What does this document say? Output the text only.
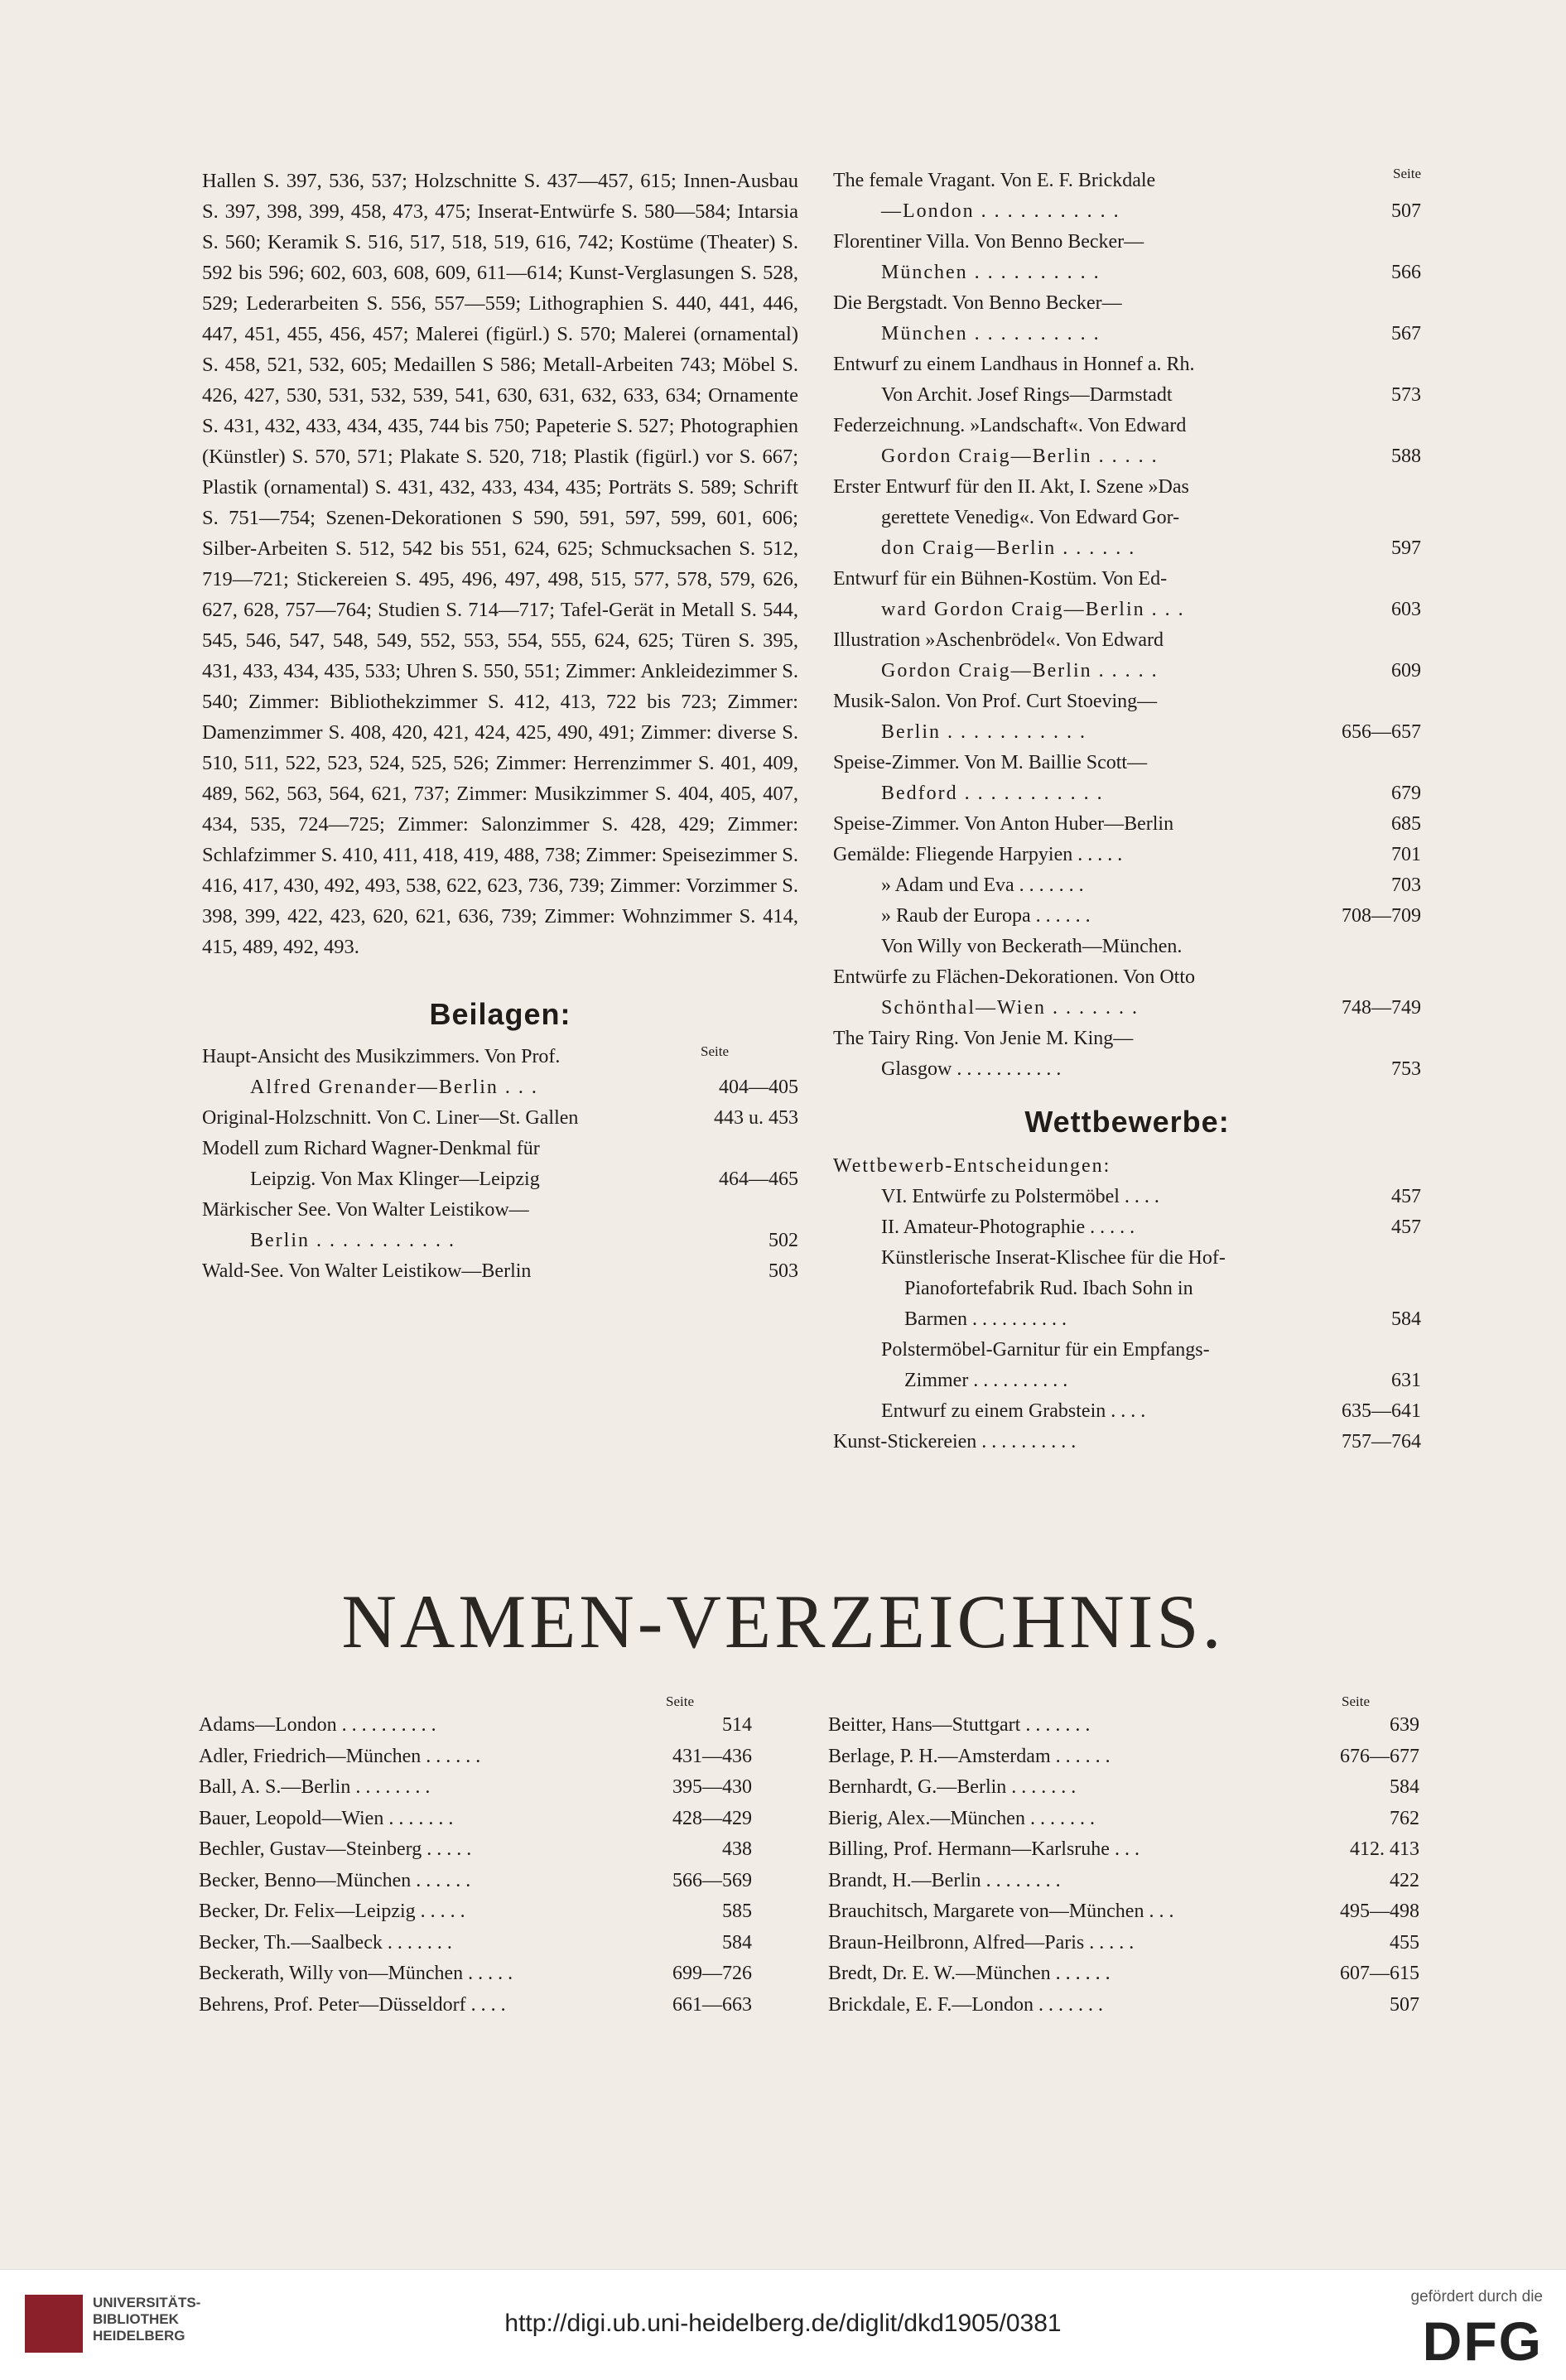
Hallen S. 397, 536, 537; Holzschnitte S. 437—457, 615; Innen-Ausbau S. 397, 398, 399, 458, 473, 475; Inserat-Entwürfe S. 580—584; Intarsia S. 560; Keramik S. 516, 517, 518, 519, 616, 742; Kostüme (Theater) S. 592 bis 596; 602, 603, 608, 609, 611—614; Kunst-Verglasungen S. 528, 529; Lederarbeiten S. 556, 557—559; Lithographien S. 440, 441, 446, 447, 451, 455, 456, 457; Malerei (figürl.) S. 570; Malerei (ornamental) S. 458, 521, 532, 605; Medaillen S 586; Metall-Arbeiten 743; Möbel S. 426, 427, 530, 531, 532, 539, 541, 630, 631, 632, 633, 634; Ornamente S. 431, 432, 433, 434, 435, 744 bis 750; Papeterie S. 527; Photographien (Künstler) S. 570, 571; Plakate S. 520, 718; Plastik (figürl.) vor S. 667; Plastik (ornamental) S. 431, 432, 433, 434, 435; Porträts S. 589; Schrift S. 751—754; Szenen-Dekorationen S 590, 591, 597, 599, 601, 606; Silber-Arbeiten S. 512, 542 bis 551, 624, 625; Schmucksachen S. 512, 719—721; Stickereien S. 495, 496, 497, 498, 515, 577, 578, 579, 626, 627, 628, 757—764; Studien S. 714—717; Tafel-Gerät in Metall S. 544, 545, 546, 547, 548, 549, 552, 553, 554, 555, 624, 625; Türen S. 395, 431, 433, 434, 435, 533; Uhren S. 550, 551; Zimmer: Ankleidezimmer S. 540; Zimmer: Bibliothekzimmer S. 412, 413, 722 bis 723; Zimmer: Damenzimmer S. 408, 420, 421, 424, 425, 490, 491; Zimmer: diverse S. 510, 511, 522, 523, 524, 525, 526; Zimmer: Herrenzimmer S. 401, 409, 489, 562, 563, 564, 621, 737; Zimmer: Musikzimmer S. 404, 405, 407, 434, 535, 724—725; Zimmer: Salonzimmer S. 428, 429; Zimmer: Schlafzimmer S. 410, 411, 418, 419, 488, 738; Zimmer: Speisezimmer S. 416, 417, 430, 492, 493, 538, 622, 623, 736, 739; Zimmer: Vorzimmer S. 398, 399, 422, 423, 620, 621, 636, 739; Zimmer: Wohnzimmer S. 414, 415, 489, 492, 493.

Beilagen:
Seite
Haupt-Ansicht des Musikzimmers. Von Prof.
Alfred Grenander—Berlin . . .	404—405
Original-Holzschnitt. Von C. Liner—St. Gallen	443 u. 453
Modell zum Richard Wagner-Denkmal für
Leipzig. Von Max Klinger—Leipzig	464—465
Märkischer See. Von Walter Leistikow—
Berlin . . . . . . . . . . .	502
Wald-See. Von Walter Leistikow—Berlin	503
Seite
The female Vragant. Von E. F. Brickdale
—London . . . . . . . . . . .	507
Florentiner Villa. Von Benno Becker—
München . . . . . . . . . .	566
Die Bergstadt. Von Benno Becker—
München . . . . . . . . . .	567
Entwurf zu einem Landhaus in Honnef a. Rh.
Von Archit. Josef Rings—Darmstadt	573
Federzeichnung. »Landschaft«. Von Edward
Gordon Craig—Berlin . . . . .	588
Erster Entwurf für den II. Akt, I. Szene »Das
gerettete Venedig«. Von Edward Gor-
don Craig—Berlin . . . . . .	597
Entwurf für ein Bühnen-Kostüm. Von Ed-
ward Gordon Craig—Berlin . . .	603
Illustration »Aschenbrödel«. Von Edward
Gordon Craig—Berlin . . . . .	609
Musik-Salon. Von Prof. Curt Stoeving—
Berlin . . . . . . . . . . .	656—657
Speise-Zimmer. Von M. Baillie Scott—
Bedford . . . . . . . . . . .	679
Speise-Zimmer. Von Anton Huber—Berlin	685
Gemälde: Fliegende Harpyien . . . . .	701
» Adam und Eva . . . . . . .	703
» Raub der Europa . . . . . .	708—709
Von Willy von Beckerath—München.
Entwürfe zu Flächen-Dekorationen. Von Otto
Schönthal—Wien . . . . . . .	748—749
The Tairy Ring. Von Jenie M. King—
Glasgow . . . . . . . . . . .	753
Wettbewerbe:
Wettbewerb-Entscheidungen:
VI. Entwürfe zu Polstermöbel . . . .	457
II. Amateur-Photographie . . . . .	457
Künstlerische Inserat-Klischee für die Hof-
Pianofortefabrik Rud. Ibach Sohn in
Barmen . . . . . . . . . .	584
Polstermöbel-Garnitur für ein Empfangs-
Zimmer . . . . . . . . . .	631
Entwurf zu einem Grabstein . . . .	635—641
Kunst-Stickereien . . . . . . . . . .	757—764
NAMEN-VERZEICHNIS.
Seite
Adams—London . . . . . . . . . .	514
Adler, Friedrich—München . . . . . .	431—436
Ball, A. S.—Berlin . . . . . . . .	395—430
Bauer, Leopold—Wien . . . . . . .	428—429
Bechler, Gustav—Steinberg . . . . .	438
Becker, Benno—München . . . . . .	566—569
Becker, Dr. Felix—Leipzig . . . . .	585
Becker, Th.—Saalbeck . . . . . . .	584
Beckerath, Willy von—München . . . . .	699—726
Behrens, Prof. Peter—Düsseldorf . . . .	661—663
Seite
Beitter, Hans—Stuttgart . . . . . . .	639
Berlage, P. H.—Amsterdam . . . . . .	676—677
Bernhardt, G.—Berlin . . . . . . .	584
Bierig, Alex.—München . . . . . . .	762
Billing, Prof. Hermann—Karlsruhe . . .	412. 413
Brandt, H.—Berlin . . . . . . . .	422
Brauchitsch, Margarete von—München . . .	495—498
Braun-Heilbronn, Alfred—Paris . . . . .	455
Bredt, Dr. E. W.—München . . . . . .	607—615
Brickdale, E. F.—London . . . . . . .	507
UNIVERSITÄTS-
BIBLIOTHEK
HEIDELBERG	http://digi.ub.uni-heidelberg.de/diglit/dkd1905/0381
gefördert durch die
DFG
